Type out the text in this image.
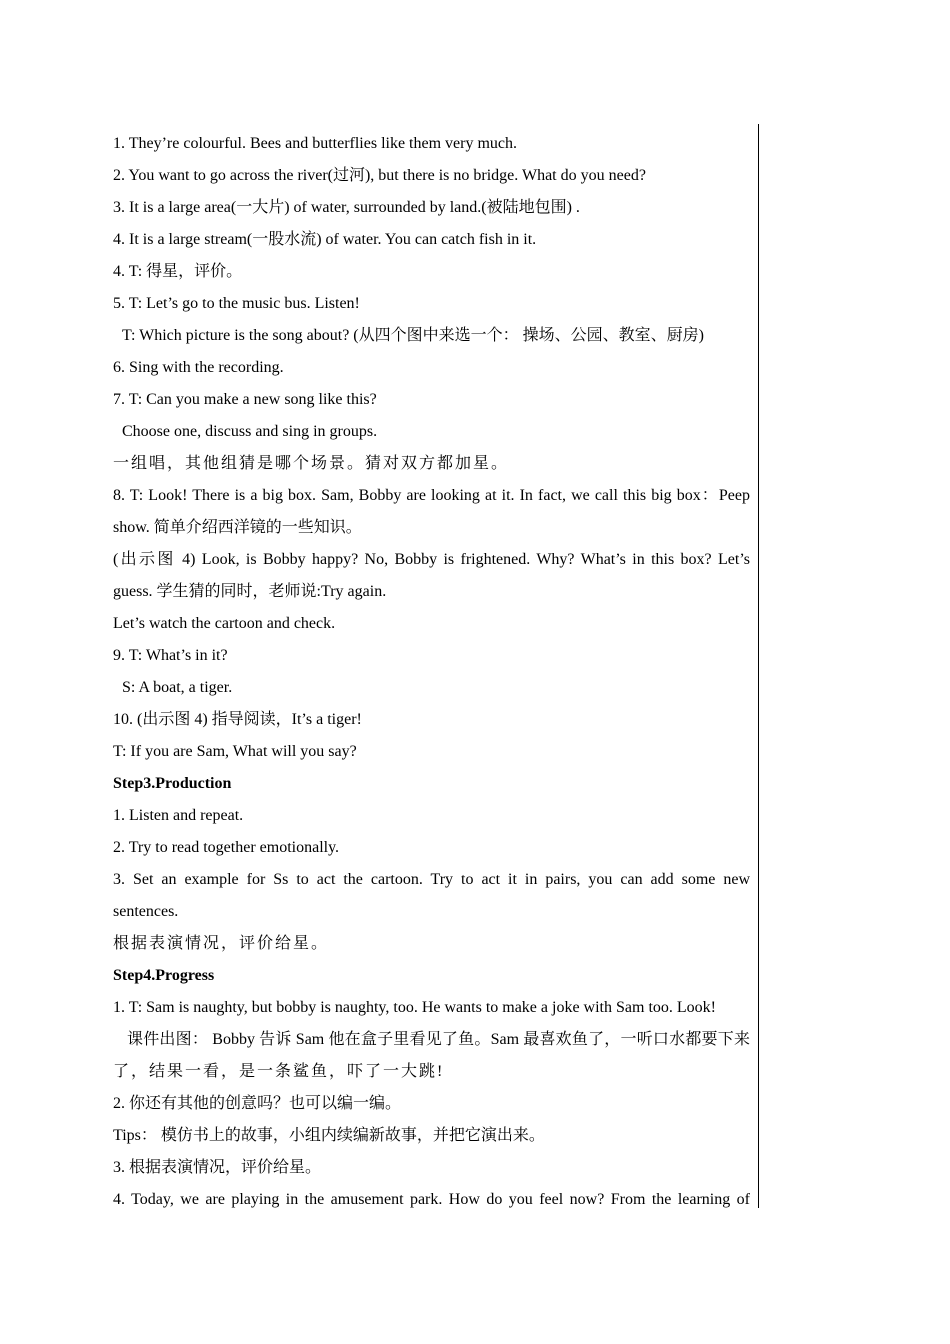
1. They’re colourful. Bees and butterflies like them very much.
2. You want to go across the river(过河), but there is no bridge. What do you need?
3. It is a large area(一大片) of water, surrounded by land.(被陆地包围) .
4. It is a large stream(一股水流) of water. You can catch fish in it.
4. T: 得星，评价。
5. T: Let’s go to the music bus. Listen!
T: Which picture is the song about? (从四个图中来选一个： 操场、公园、教室、厨房)
6. Sing with the recording.
7. T: Can you make a new song like this?
Choose one, discuss and sing in groups.
一组唱，其他组猜是哪个场景。猜对双方都加星。
8. T: Look! There is a big box. Sam, Bobby are looking at it. In fact, we call this big box：Peep
show. 简单介绍西洋镜的一些知识。
(出示图 4) Look, is Bobby happy? No, Bobby is frightened. Why? What’s in this box? Let’s
guess. 学生猜的同时，老师说:Try again.
Let’s watch the cartoon and check.
9. T: What’s in it?
S: A boat, a tiger.
10. (出示图 4) 指导阅读，It’s a tiger!
T: If you are Sam, What will you say?
Step3.Production
1. Listen and repeat.
2. Try to read together emotionally.
3. Set an example for Ss to act the cartoon. Try to act it in pairs, you can add some new
sentences.
根据表演情况，评价给星。
Step4.Progress
1. T: Sam is naughty, but bobby is naughty, too. He wants to make a joke with Sam too. Look!
课件出图： Bobby 告诉 Sam 他在盒子里看见了鱼。Sam 最喜欢鱼了，一听口水都要下来
了，结果一看，是一条鲨鱼，吓了一大跳!
2. 你还有其他的创意吗？也可以编一编。
Tips： 模仿书上的故事，小组内续编新故事，并把它演出来。
3. 根据表演情况，评价给星。
4. Today, we are playing in the amusement park. How do you feel now? From the learning of
